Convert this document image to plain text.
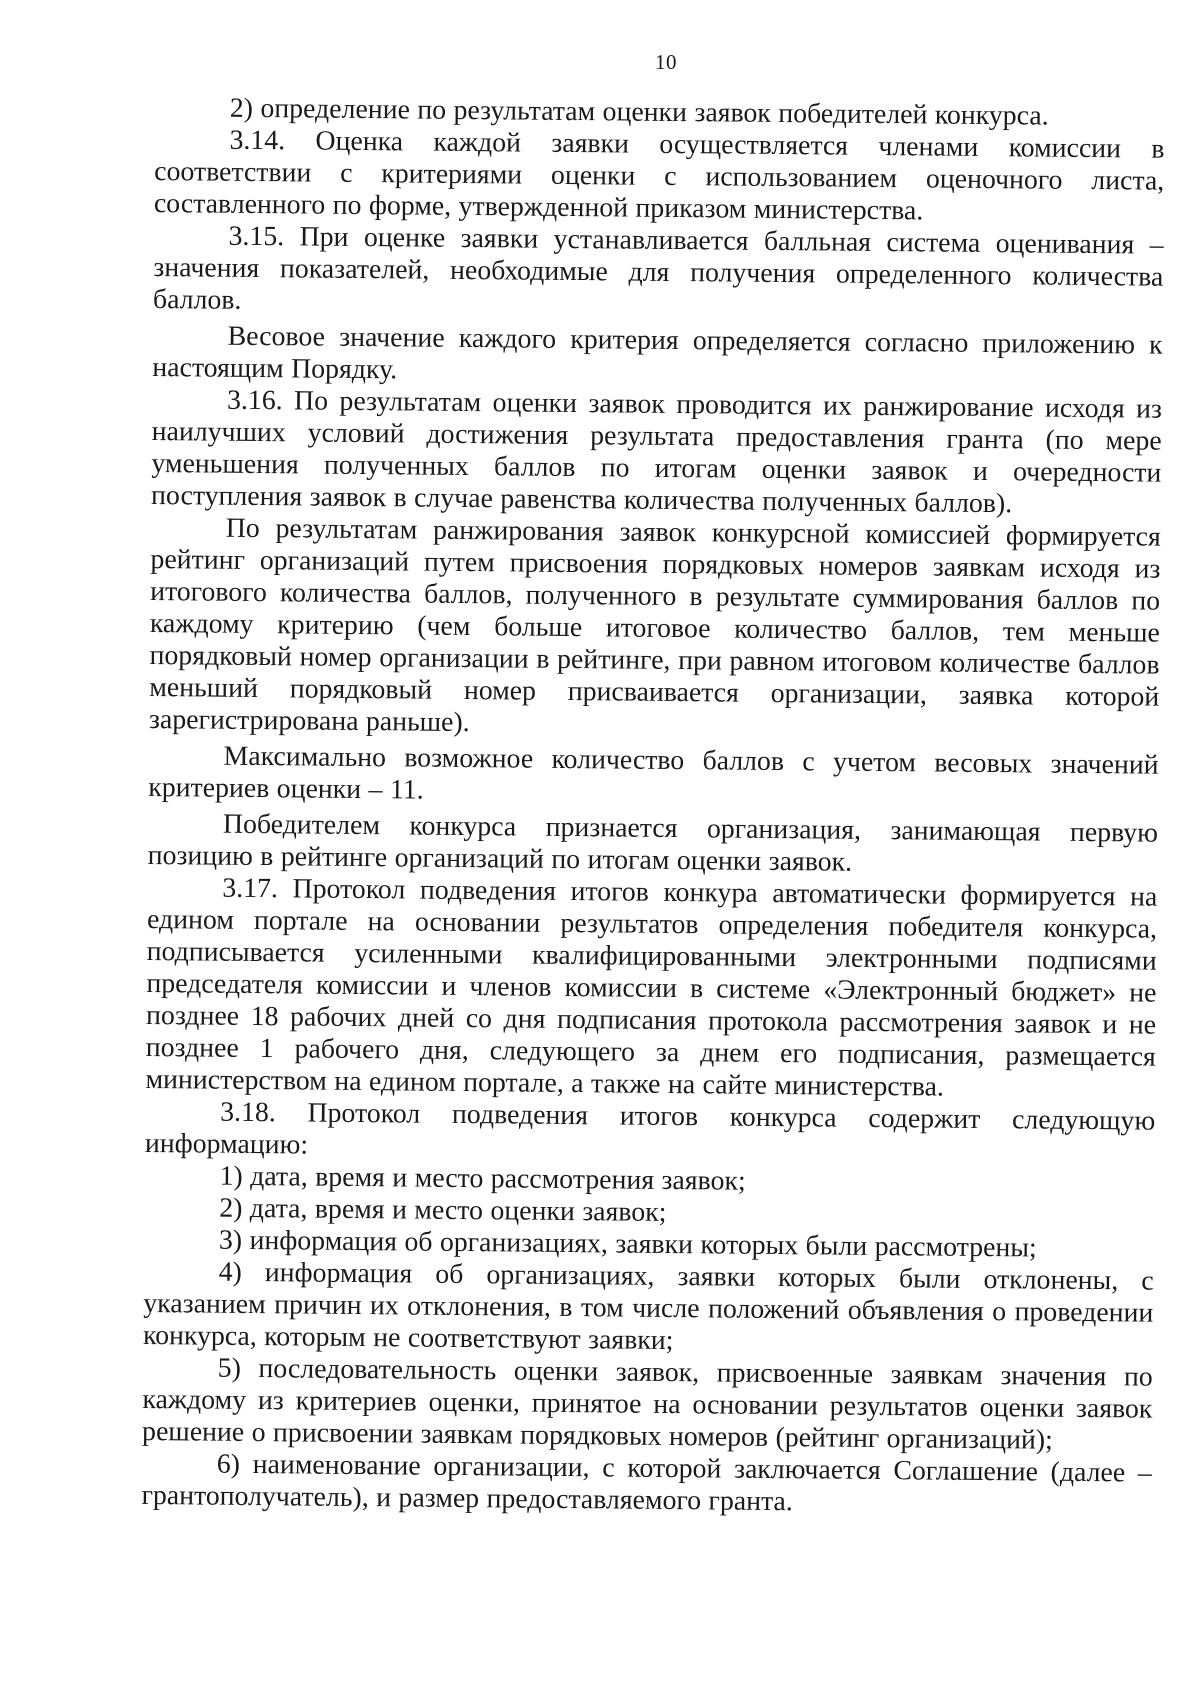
10

2) определение по результатам оценки заявок победителей конкурса.

3.14. Оценка каждой заявки осуществляется членами комиссии в соответствии с критериями оценки с использованием оценочного листа, составленного по форме, утвержденной приказом министерства.

3.15. При оценке заявки устанавливается балльная система оценивания – значения показателей, необходимые для получения определенного количества баллов.

Весовое значение каждого критерия определяется согласно приложению к настоящим Порядку.

3.16. По результатам оценки заявок проводится их ранжирование исходя из наилучших условий достижения результата предоставления гранта (по мере уменьшения полученных баллов по итогам оценки заявок и очередности поступления заявок в случае равенства количества полученных баллов).

По результатам ранжирования заявок конкурсной комиссией формируется рейтинг организаций путем присвоения порядковых номеров заявкам исходя из итогового количества баллов, полученного в результате суммирования баллов по каждому критерию (чем больше итоговое количество баллов, тем меньше порядковый номер организации в рейтинге, при равном итоговом количестве баллов меньший порядковый номер присваивается организации, заявка которой зарегистрирована раньше).

Максимально возможное количество баллов с учетом весовых значений критериев оценки – 11.

Победителем конкурса признается организация, занимающая первую позицию в рейтинге организаций по итогам оценки заявок.

3.17. Протокол подведения итогов конкура автоматически формируется на едином портале на основании результатов определения победителя конкурса, подписывается усиленными квалифицированными электронными подписями председателя комиссии и членов комиссии в системе «Электронный бюджет» не позднее 18 рабочих дней со дня подписания протокола рассмотрения заявок и не позднее 1 рабочего дня, следующего за днем его подписания, размещается министерством на едином портале, а также на сайте министерства.

3.18. Протокол подведения итогов конкурса содержит следующую информацию:

1) дата, время и место рассмотрения заявок;

2) дата, время и место оценки заявок;

3) информация об организациях, заявки которых были рассмотрены;

4) информация об организациях, заявки которых были отклонены, с указанием причин их отклонения, в том числе положений объявления о проведении конкурса, которым не соответствуют заявки;

5) последовательность оценки заявок, присвоенные заявкам значения по каждому из критериев оценки, принятое на основании результатов оценки заявок решение о присвоении заявкам порядковых номеров (рейтинг организаций);

6) наименование организации, с которой заключается Соглашение (далее – грантополучатель), и размер предоставляемого гранта.
